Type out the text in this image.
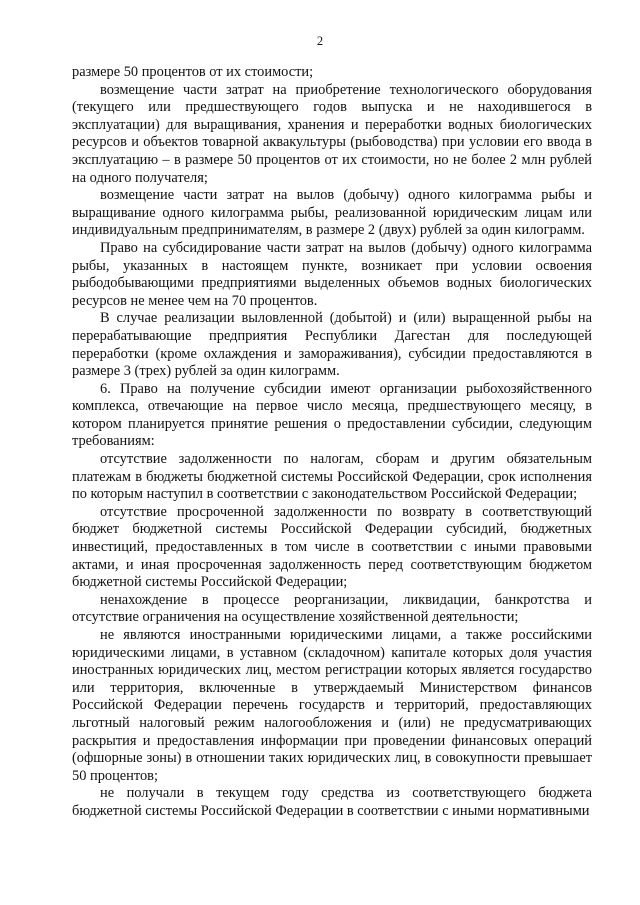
2

размере 50 процентов от их стоимости;

возмещение части затрат на приобретение технологического оборудования (текущего или предшествующего годов выпуска и не находившегося в эксплуатации) для выращивания, хранения и переработки водных биологических ресурсов и объектов товарной аквакультуры (рыбоводства) при условии его ввода в эксплуатацию – в размере 50 процентов от их стоимости, но не более 2 млн рублей на одного получателя;

возмещение части затрат на вылов (добычу) одного килограмма рыбы и выращивание одного килограмма рыбы, реализованной юридическим лицам или индивидуальным предпринимателям, в размере 2 (двух) рублей за один килограмм.

Право на субсидирование части затрат на вылов (добычу) одного килограмма рыбы, указанных в настоящем пункте, возникает при условии освоения рыбодобывающими предприятиями выделенных объемов водных биологических ресурсов не менее чем на 70 процентов.

В случае реализации выловленной (добытой) и (или) выращенной рыбы на перерабатывающие предприятия Республики Дагестан для последующей переработки (кроме охлаждения и замораживания), субсидии предоставляются в размере 3 (трех) рублей за один килограмм.

6. Право на получение субсидии имеют организации рыбохозяйственного комплекса, отвечающие на первое число месяца, предшествующего месяцу, в котором планируется принятие решения о предоставлении субсидии, следующим требованиям:

отсутствие задолженности по налогам, сборам и другим обязательным платежам в бюджеты бюджетной системы Российской Федерации, срок исполнения по которым наступил в соответствии с законодательством Российской Федерации;

отсутствие просроченной задолженности по возврату в соответствующий бюджет бюджетной системы Российской Федерации субсидий, бюджетных инвестиций, предоставленных в том числе в соответствии с иными правовыми актами, и иная просроченная задолженность перед соответствующим бюджетом бюджетной системы Российской Федерации;

ненахождение в процессе реорганизации, ликвидации, банкротства и отсутствие ограничения на осуществление хозяйственной деятельности;

не являются иностранными юридическими лицами, а также российскими юридическими лицами, в уставном (складочном) капитале которых доля участия иностранных юридических лиц, местом регистрации которых является государство или территория, включенные в утверждаемый Министерством финансов Российской Федерации перечень государств и территорий, предоставляющих льготный налоговый режим налогообложения и (или) не предусматривающих раскрытия и предоставления информации при проведении финансовых операций (офшорные зоны) в отношении таких юридических лиц, в совокупности превышает 50 процентов;

не получали в текущем году средства из соответствующего бюджета бюджетной системы Российской Федерации в соответствии с иными нормативными
